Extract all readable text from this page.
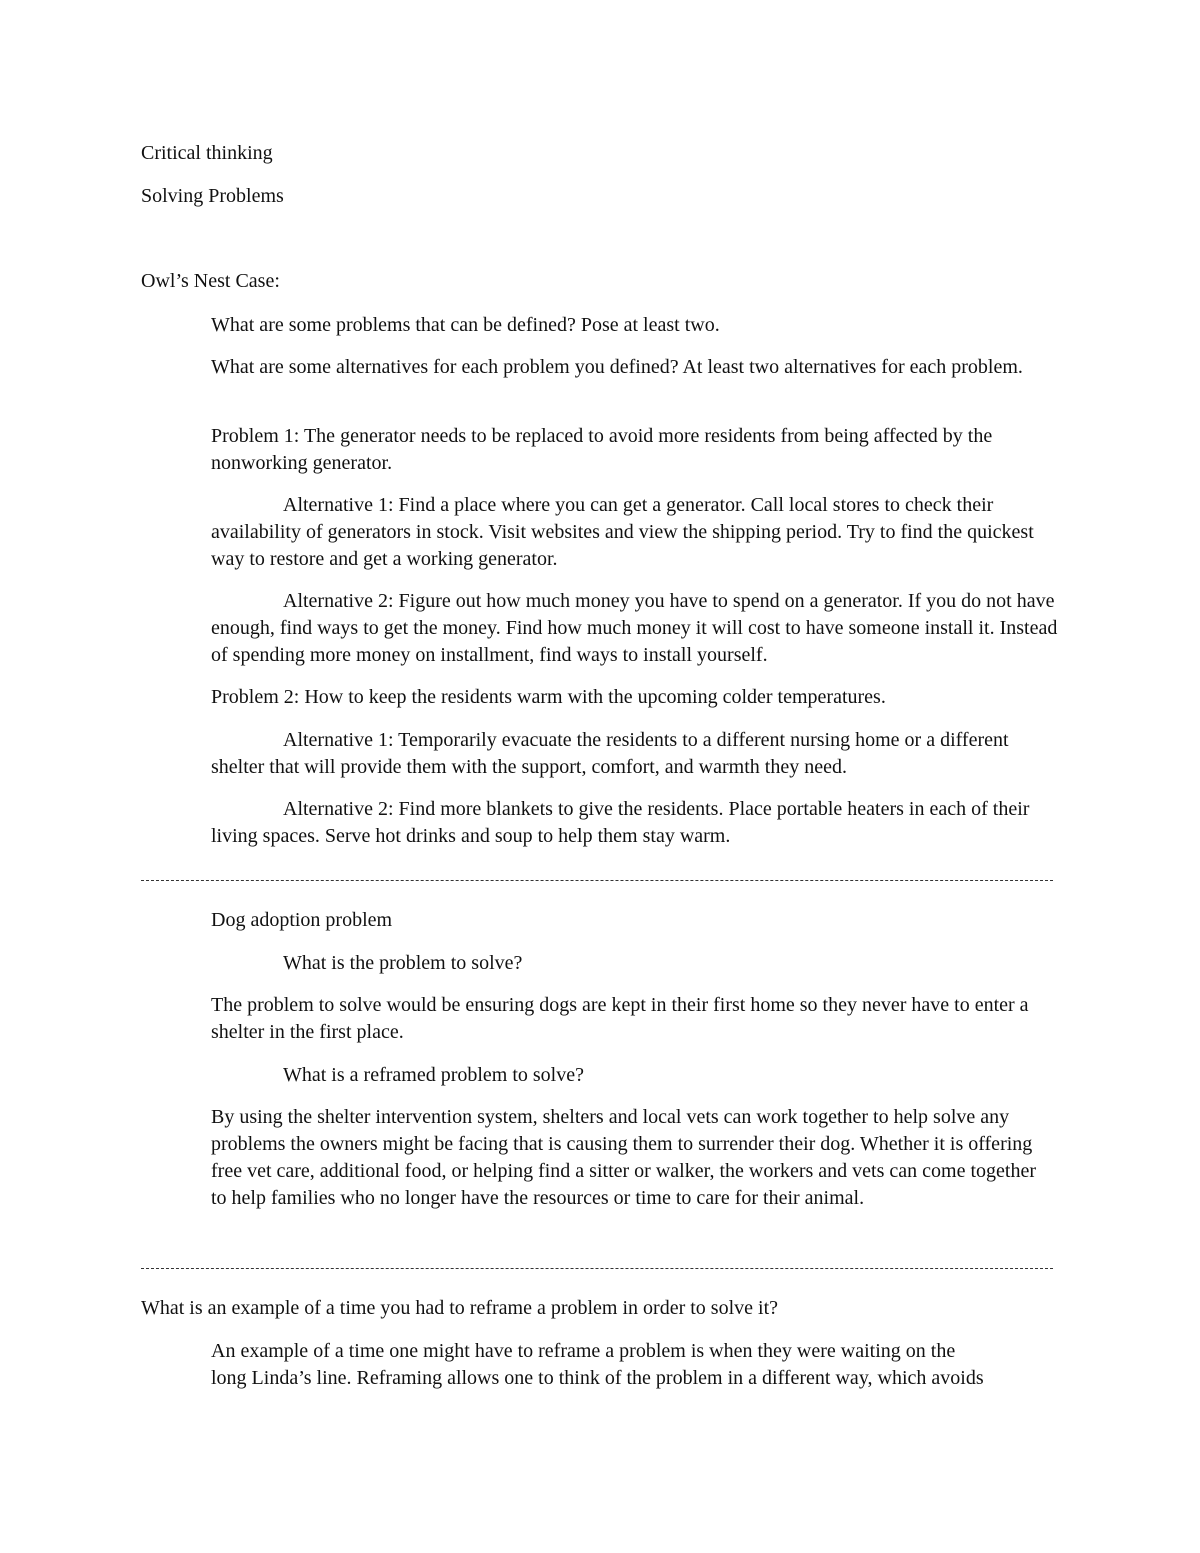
Critical thinking
Solving Problems
Owl’s Nest Case:
What are some problems that can be defined? Pose at least two.
What are some alternatives for each problem you defined? At least two alternatives for each problem.
Problem 1: The generator needs to be replaced to avoid more residents from being affected by the nonworking generator.
Alternative 1: Find a place where you can get a generator. Call local stores to check their availability of generators in stock. Visit websites and view the shipping period. Try to find the quickest way to restore and get a working generator.
Alternative 2: Figure out how much money you have to spend on a generator. If you do not have enough, find ways to get the money. Find how much money it will cost to have someone install it. Instead of spending more money on installment, find ways to install yourself.
Problem 2: How to keep the residents warm with the upcoming colder temperatures.
Alternative 1: Temporarily evacuate the residents to a different nursing home or a different shelter that will provide them with the support, comfort, and warmth they need.
Alternative 2: Find more blankets to give the residents. Place portable heaters in each of their living spaces. Serve hot drinks and soup to help them stay warm.
Dog adoption problem
What is the problem to solve?
The problem to solve would be ensuring dogs are kept in their first home so they never have to enter a shelter in the first place.
What is a reframed problem to solve?
By using the shelter intervention system, shelters and local vets can work together to help solve any problems the owners might be facing that is causing them to surrender their dog. Whether it is offering free vet care, additional food, or helping find a sitter or walker, the workers and vets can come together to help families who no longer have the resources or time to care for their animal.
What is an example of a time you had to reframe a problem in order to solve it?
An example of a time one might have to reframe a problem is when they were waiting on the
long Linda’s line. Reframing allows one to think of the problem in a different way, which avoids
